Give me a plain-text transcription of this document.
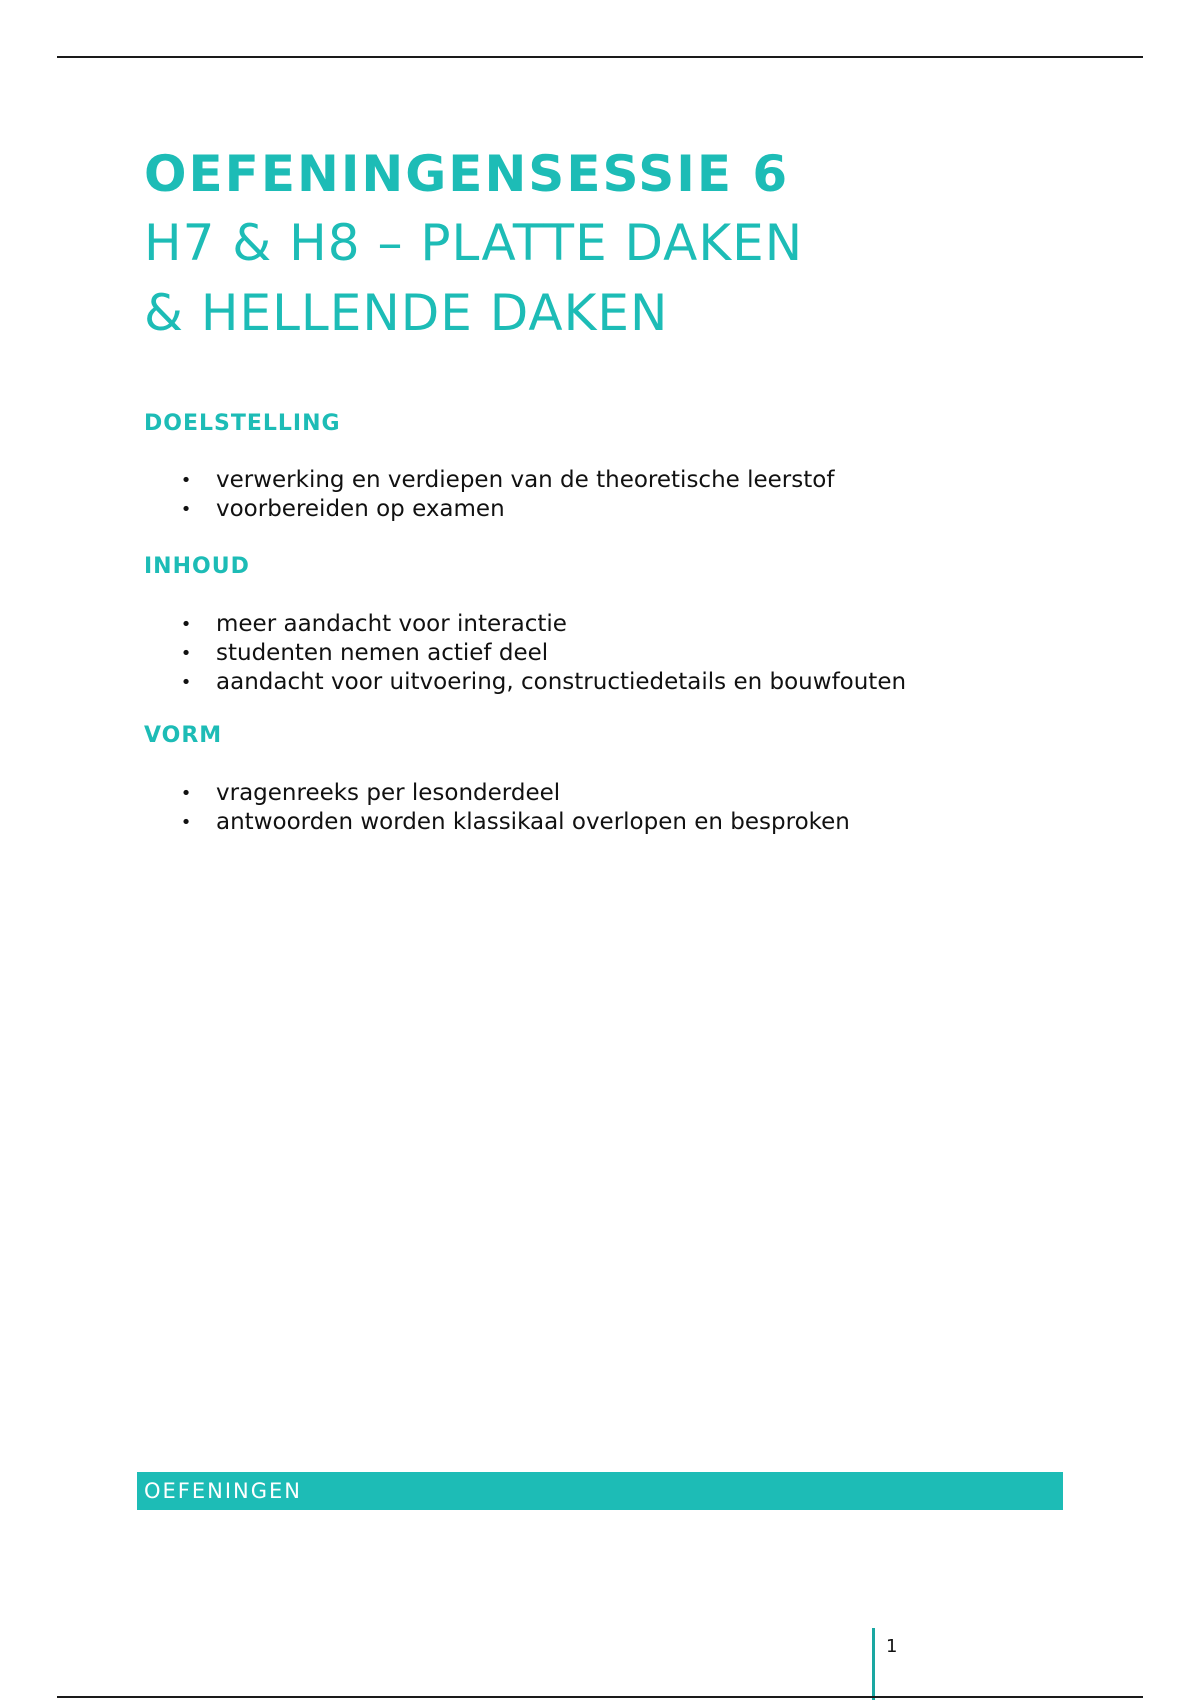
OEFENINGENSESSIE 6

H7 & H8 – PLATTE DAKEN

& HELLENDE DAKEN

DOELSTELLING
• verwerking en verdiepen van de theoretische leerstof
• voorbereiden op examen
INHOUD
• meer aandacht voor interactie
• studenten nemen actief deel
• aandacht voor uitvoering, constructiedetails en bouwfouten
VORM
• vragenreeks per lesonderdeel
• antwoorden worden klassikaal overlopen en besproken

OEFENINGEN

1
